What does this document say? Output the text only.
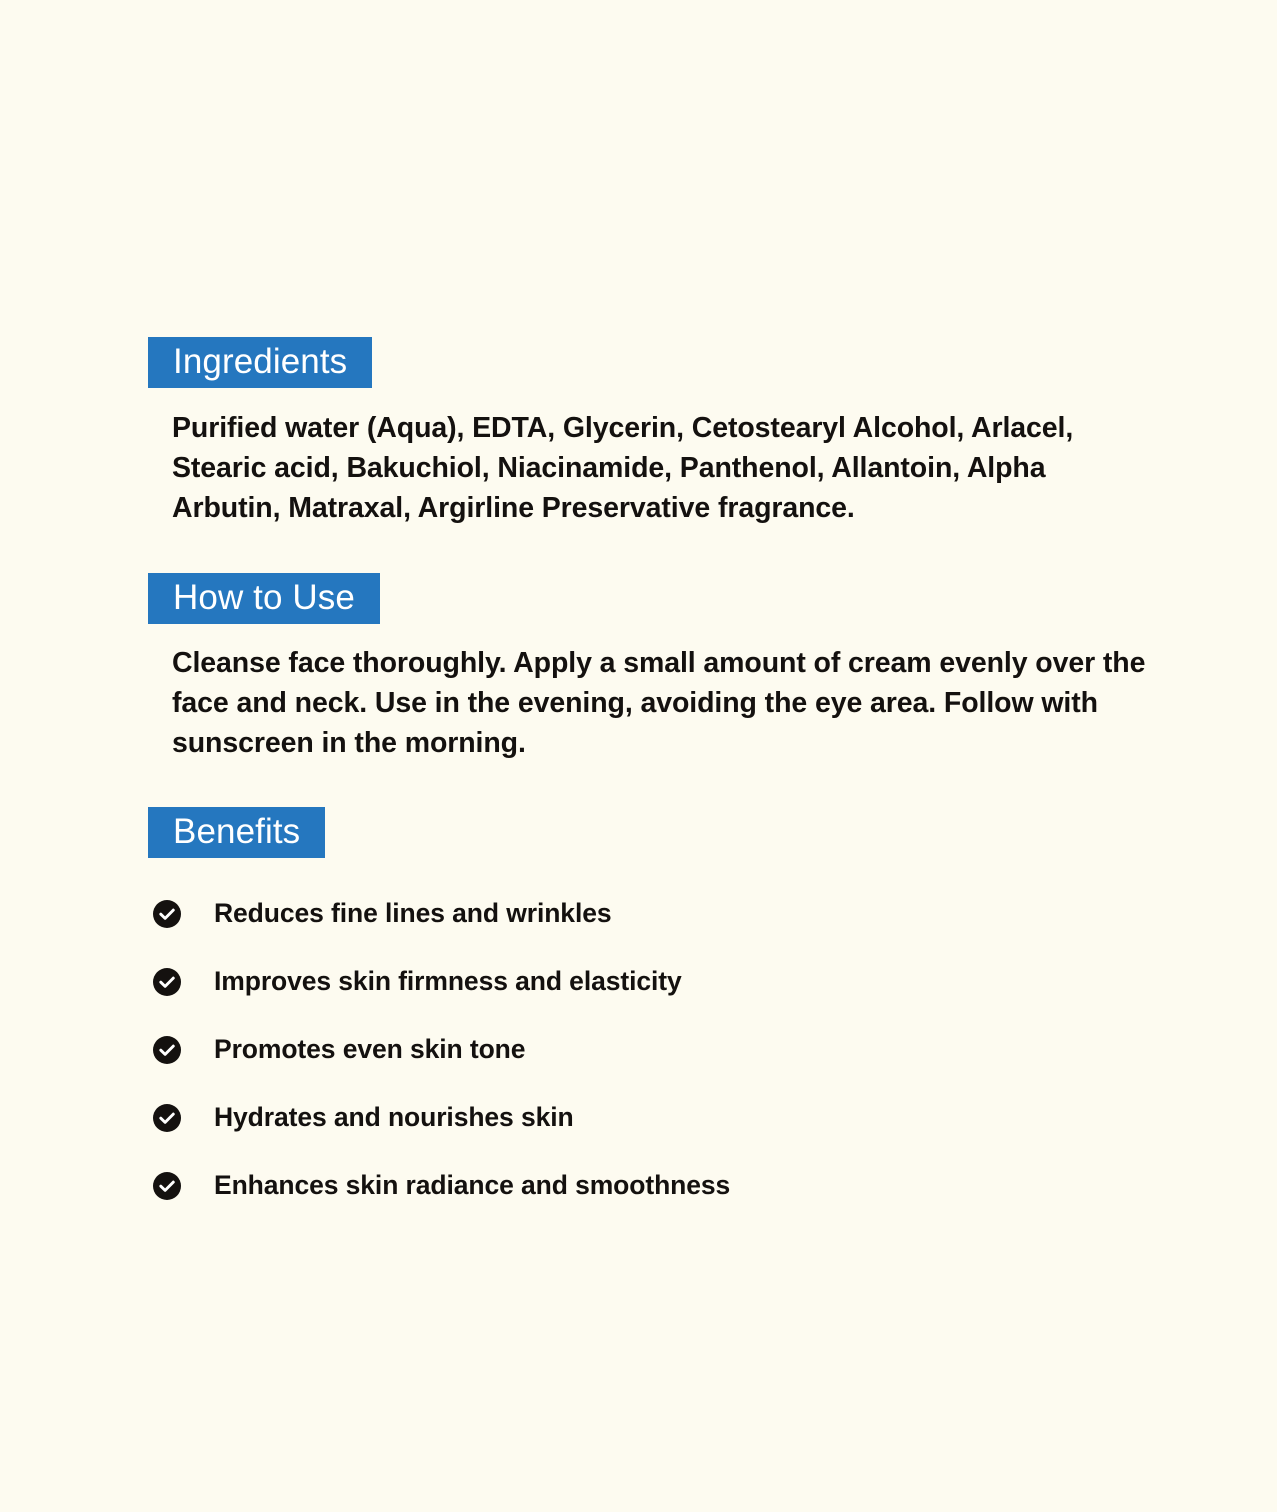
Ingredients

Purified water (Aqua), EDTA, Glycerin, Cetostearyl Alcohol, Arlacel, Stearic acid, Bakuchiol, Niacinamide, Panthenol, Allantoin, Alpha Arbutin, Matraxal, Argirline Preservative fragrance.

How to Use

Cleanse face thoroughly. Apply a small amount of cream evenly over the face and neck. Use in the evening, avoiding the eye area. Follow with sunscreen in the morning.

Benefits
Reduces fine lines and wrinkles
Improves skin firmness and elasticity
Promotes even skin tone
Hydrates and nourishes skin
Enhances skin radiance and smoothness
